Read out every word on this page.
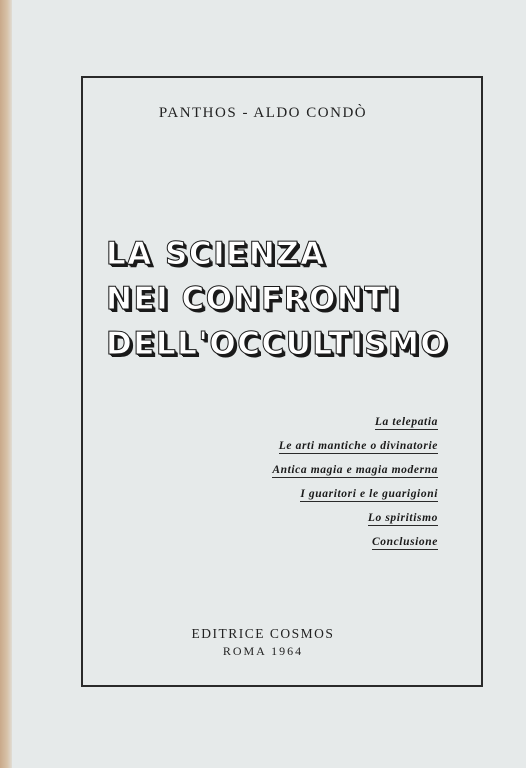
PANTHOS - ALDO CONDÒ
LA SCIENZA
NEI CONFRONTI
DELL'OCCULTISMO
La telepatia
Le arti mantiche o divinatorie
Antica magia e magia moderna
I guaritori e le guarigioni
Lo spiritismo
Conclusione
EDITRICE COSMOS
ROMA 1964
